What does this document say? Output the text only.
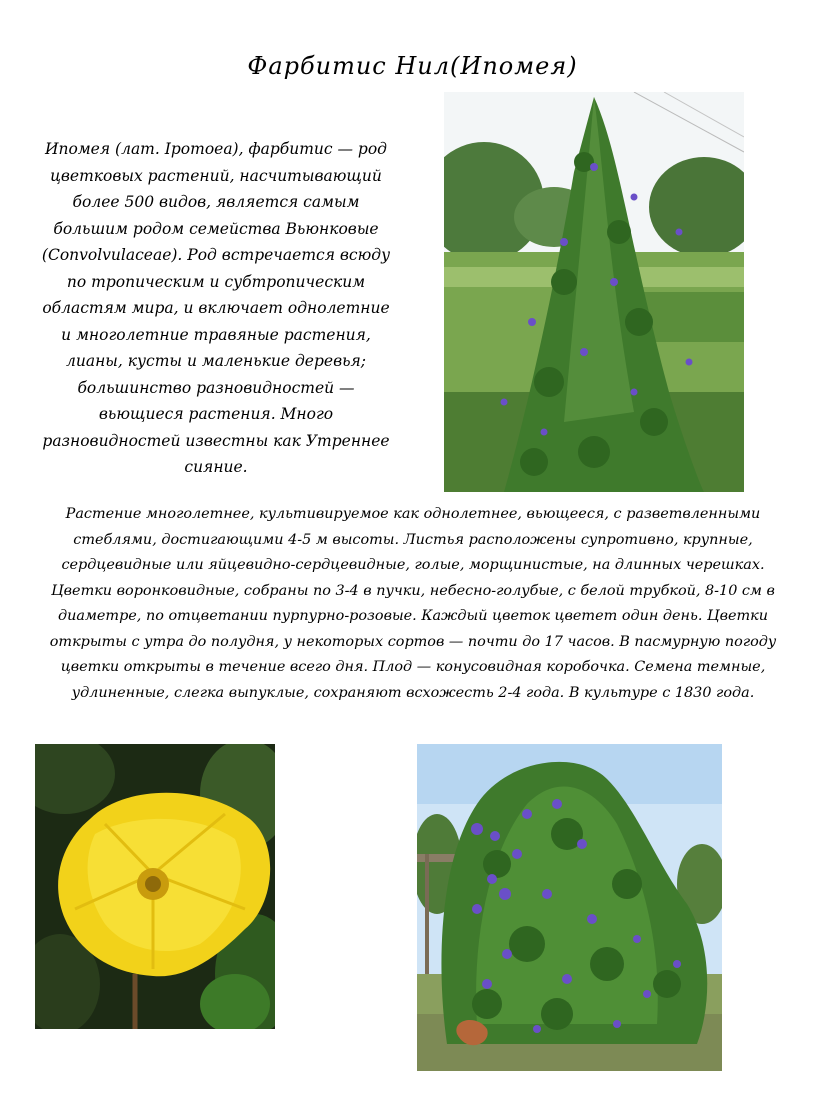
Фарбитис Нил(Ипомея)
Ипомея (лат. Ipomoea), фарбитис — род цветковых растений, насчитывающий более 500 видов, является самым большим родом семейства Вьюнковые (Convolvulaceae). Род встречается всюду по тропическим и субтропическим областям мира, и включает однолетние и многолетние травяные растения, лианы, кусты и маленькие деревья; большинство разновидностей — вьющиеся растения. Много разновидностей известны как Утреннее сияние.
Растение многолетнее, культивируемое как однолетнее, вьющееся, с разветвленными стеблями, достигающими 4-5 м высоты. Листья расположены супротивно, крупные, сердцевидные или яйцевидно-сердцевидные, голые, морщинистые, на длинных черешках. Цветки воронковидные, собраны по 3-4 в пучки, небесно-голубые, с белой трубкой, 8-10 см в диаметре, по отцветании пурпурно-розовые. Каждый цветок цветет один день. Цветки открыты с утра до полудня, у некоторых сортов — почти до 17 часов. В пасмурную погоду цветки открыты в течение всего дня. Плод — конусовидная коробочка. Семена темные, удлиненные, слегка выпуклые, сохраняют всхожесть 2-4 года. В культуре с 1830 года.
